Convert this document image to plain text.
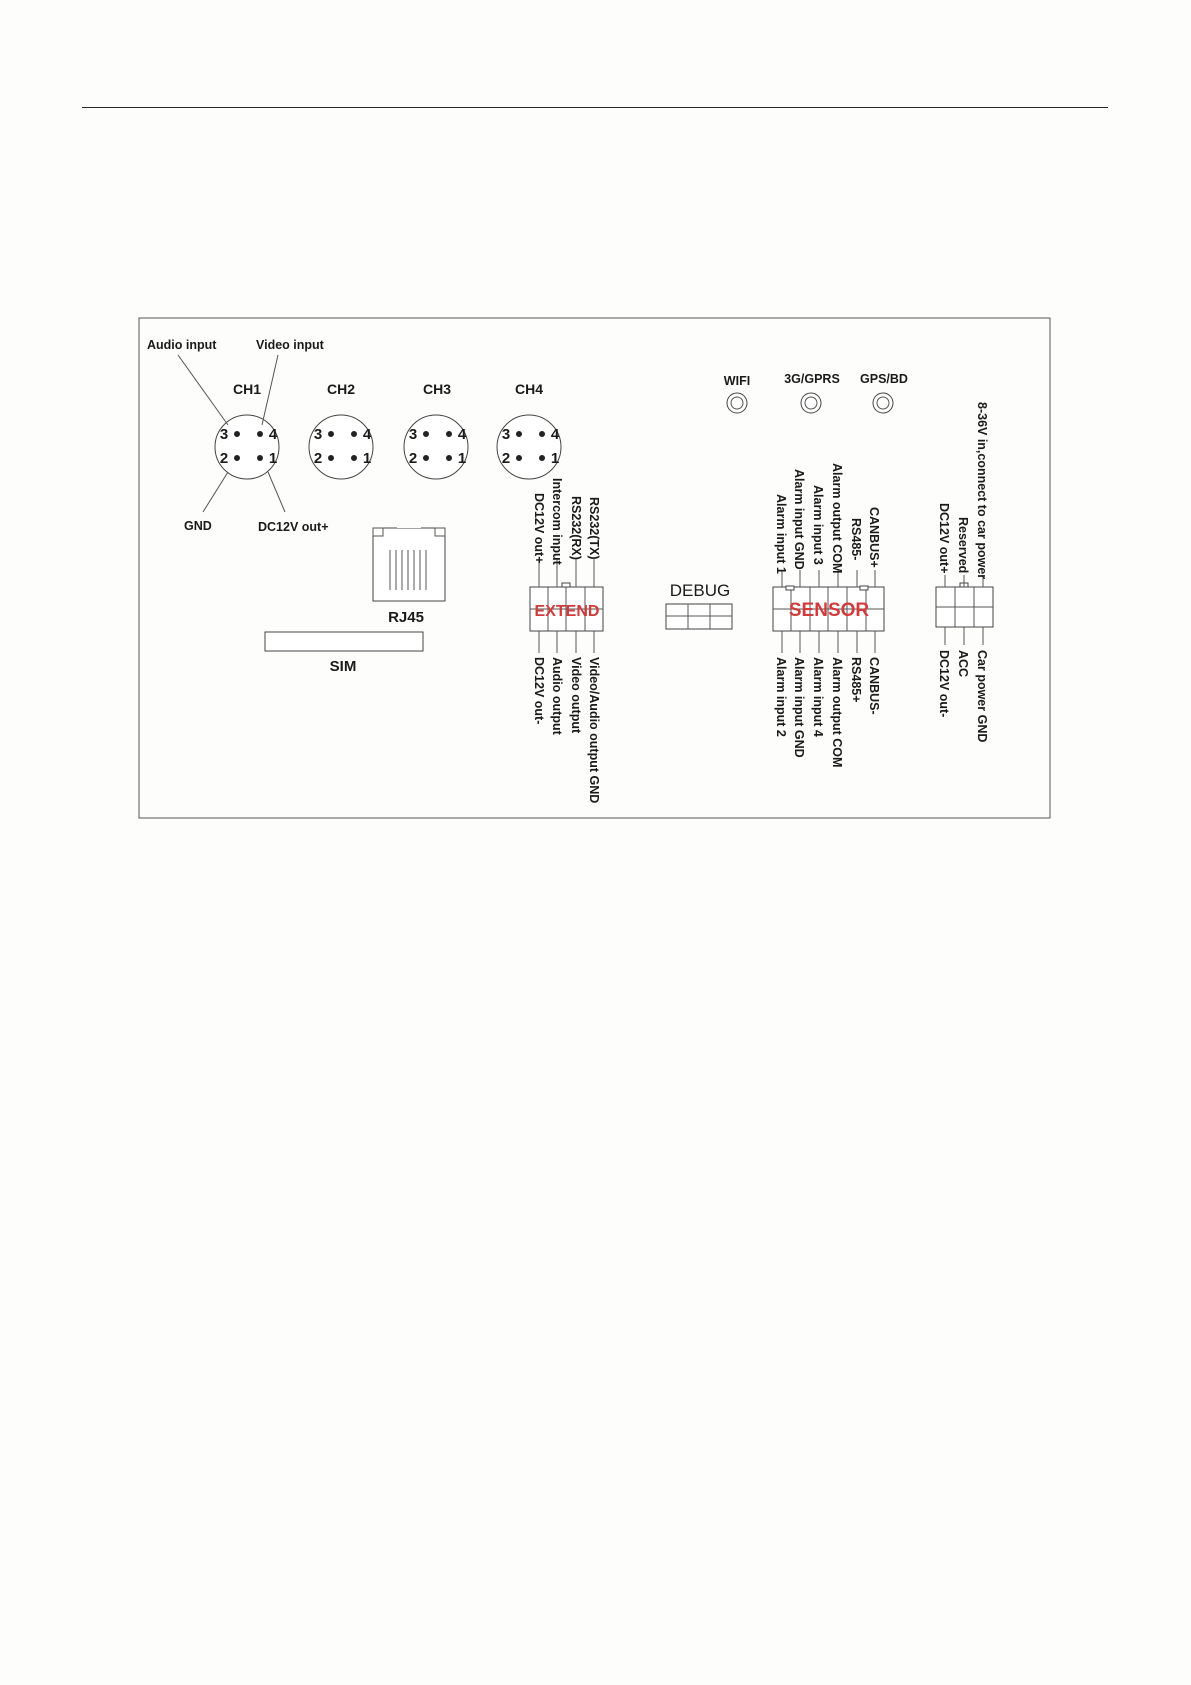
CH1
3	4
2	1
CH2
3	4
2	1
CH3
3	4
2	1
CH4
3	4
2	1
Audio input	Video input
GND	DC12V out+
RJ45
SIM
WIFI	3G/GPRS GPS/BD
EXTEND
DC12V out+ Intercom input RS232(RX) RS232(TX)
DC12V out- Audio output Video output Video/Audio output GND
DEBUG
SENSOR
Alarm input 1 Alarm input GND Alarm input 3 Alarm output COM RS485- CANBUS+
Alarm input 2 Alarm input GND Alarm input 4 Alarm output COM RS485+ CANBUS-
DC12V out+ Reserved 8-36V in,connect to car power
DC12V out- ACC Car power GND
